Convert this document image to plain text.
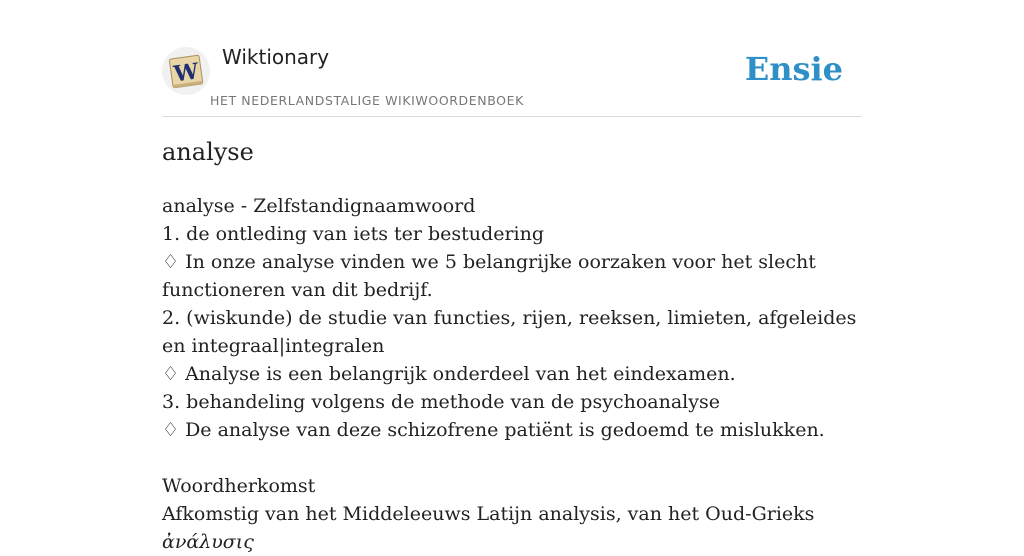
W
Wiktionary
HET NEDERLANDSTALIGE WIKIWOORDENBOEK
Ensie
analyse

analyse - Zelfstandignaamwoord

1. de ontleding van iets ter bestudering

♢ In onze analyse vinden we 5 belangrijke oorzaken voor het slecht functioneren van dit bedrijf.

2. (wiskunde) de studie van functies, rijen, reeksen, limieten, afgeleides en integraal|integralen

♢ Analyse is een belangrijk onderdeel van het eindexamen.

3. behandeling volgens de methode van de psychoanalyse

♢ De analyse van deze schizofrene patiënt is gedoemd te mislukken.

Woordherkomst

Afkomstig van het Middeleeuws Latijn analysis, van het Oud-Grieks ἀνάλυσις
